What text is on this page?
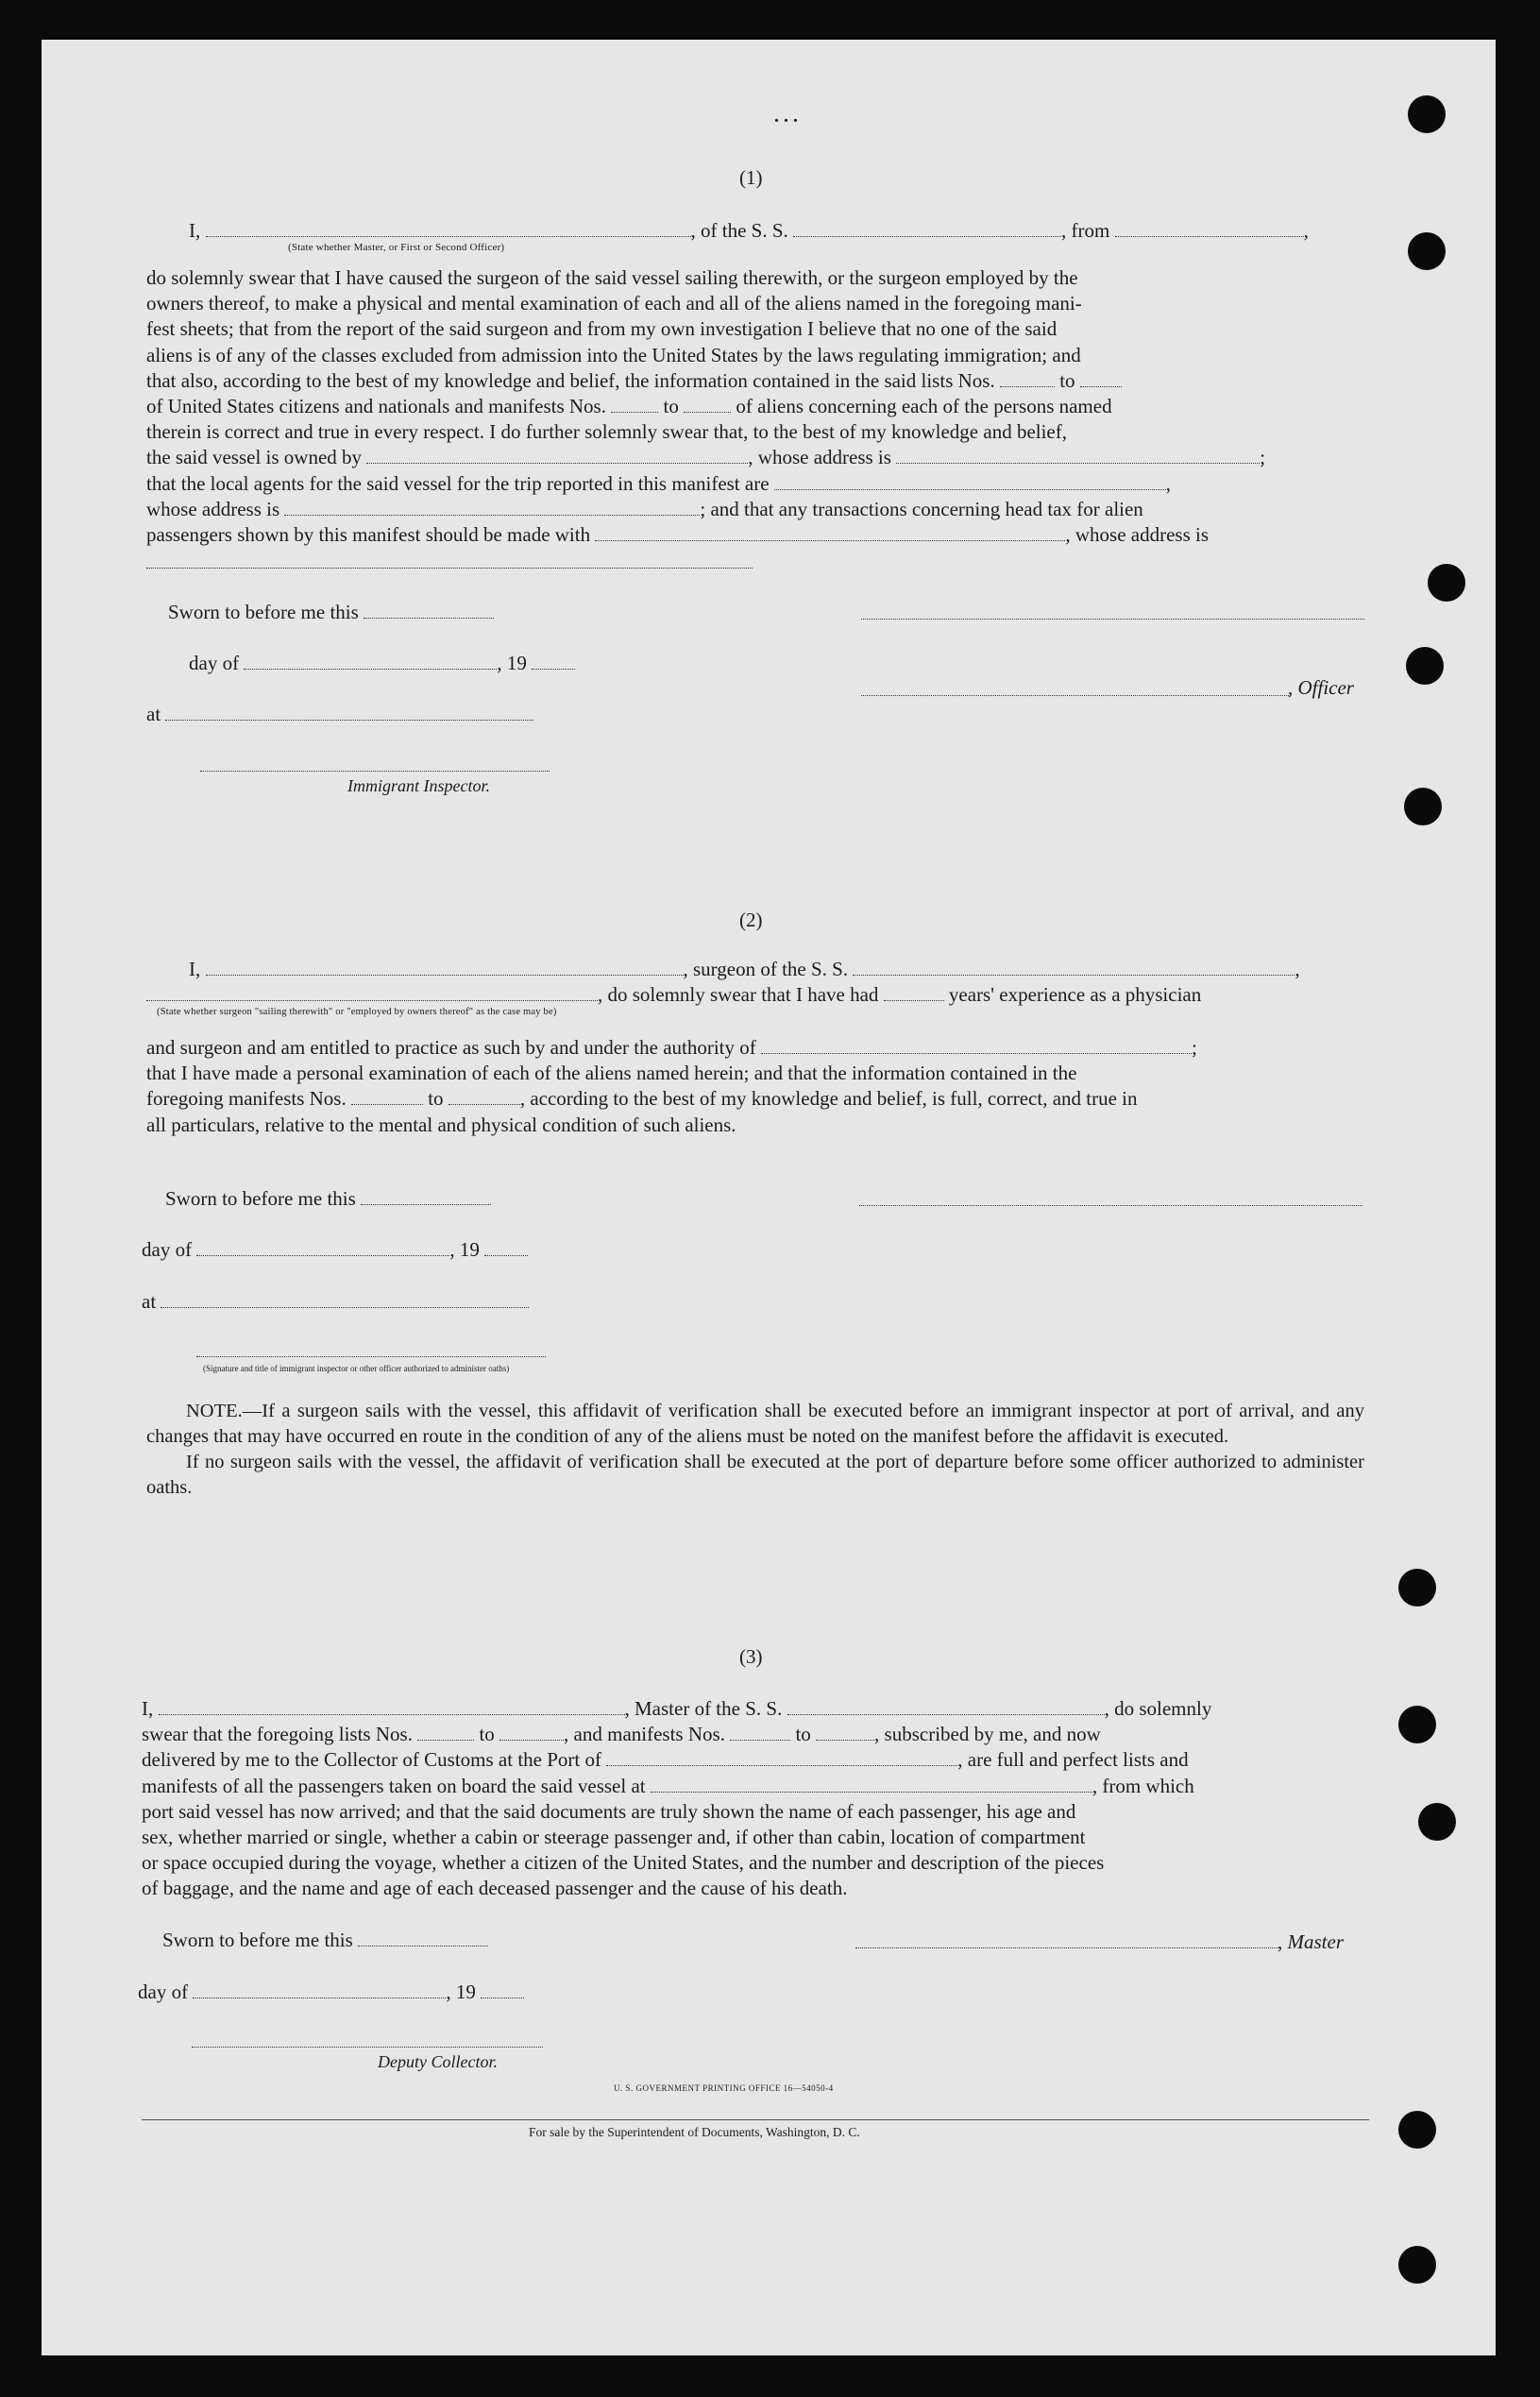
. . .
(1)
I,	, of the S. S.	, from	,
(State whether Master, or First or Second Officer)
do solemnly swear that I have caused the surgeon of the said vessel sailing therewith, or the surgeon employed by the
owners thereof, to make a physical and mental examination of each and all of the aliens named in the foregoing mani-
fest sheets; that from the report of the said surgeon and from my own investigation I believe that no one of the said
aliens is of any of the classes excluded from admission into the United States by the laws regulating immigration; and
that also, according to the best of my knowledge and belief, the information contained in the said lists Nos.	to
of United States citizens and nationals and manifests Nos.	to	of aliens concerning each of the persons named
therein is correct and true in every respect. I do further solemnly swear that, to the best of my knowledge and belief,
the said vessel is owned by	, whose address is	;
that the local agents for the said vessel for the trip reported in this manifest are	,
whose address is	; and that any transactions concerning head tax for alien
passengers shown by this manifest should be made with	, whose address is
Sworn to before me this
day of	, 19
, Officer
at
Immigrant Inspector.
(2)
I,	, surgeon of the S. S.	,
, do solemnly swear that I have had	years' experience as a physician
(State whether surgeon "sailing therewith" or "employed by owners thereof" as the case may be)
and surgeon and am entitled to practice as such by and under the authority of	;
that I have made a personal examination of each of the aliens named herein; and that the information contained in the
foregoing manifests Nos.	to	, according to the best of my knowledge and belief, is full, correct, and true in
all particulars, relative to the mental and physical condition of such aliens.
Sworn to before me this
day of	, 19
at
(Signature and title of immigrant inspector or other officer authorized to administer oaths)

NOTE.—If a surgeon sails with the vessel, this affidavit of verification shall be executed before an immigrant inspector at port of arrival, and any changes that may have occurred en route in the condition of any of the aliens must be noted on the manifest before the affidavit is executed.

If no surgeon sails with the vessel, the affidavit of verification shall be executed at the port of departure before some officer authorized to administer oaths.

(3)
I,	, Master of the S. S.	, do solemnly
swear that the foregoing lists Nos.	to	, and manifests Nos.	to	, subscribed by me, and now
delivered by me to the Collector of Customs at the Port of	, are full and perfect lists and
manifests of all the passengers taken on board the said vessel at	, from which
port said vessel has now arrived; and that the said documents are truly shown the name of each passenger, his age and
sex, whether married or single, whether a cabin or steerage passenger and, if other than cabin, location of compartment
or space occupied during the voyage, whether a citizen of the United States, and the number and description of the pieces
of baggage, and the name and age of each deceased passenger and the cause of his death.
Sworn to before me this	, Master
day of	, 19
Deputy Collector.
U. S. GOVERNMENT PRINTING OFFICE 16—54050-4
For sale by the Superintendent of Documents, Washington, D. C.
